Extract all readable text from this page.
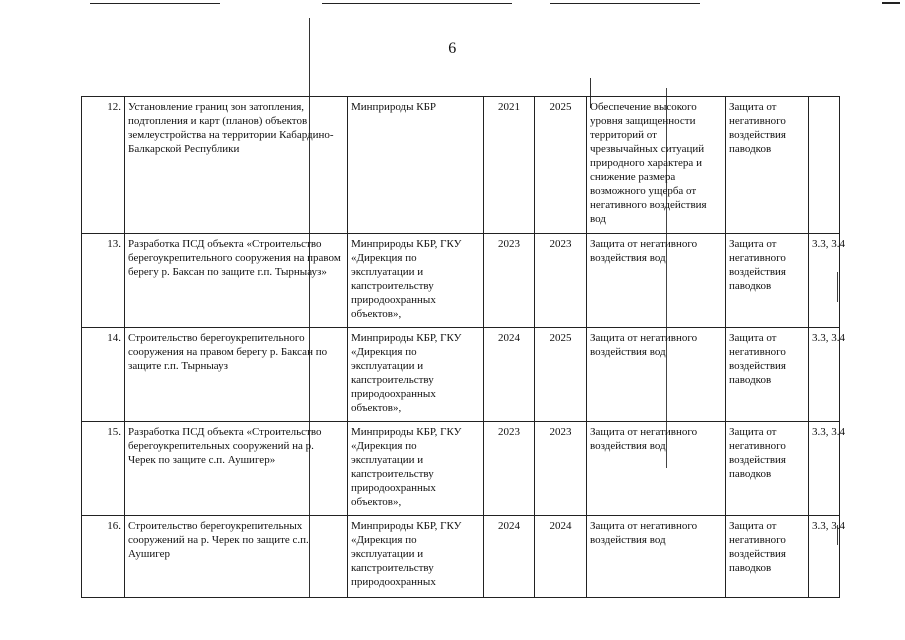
6
12.	Установление границ зон затопления, подтопления и карт (планов) объектов землеустройства на территории Кабардино-Балкарской Республики	Минприроды КБР	2021	2025	Обеспечение высокого уровня защищенности территорий от чрезвычайных ситуаций природного характера и снижение размера возможного ущерба от негативного воздействия вод	Защита от негативного воздействия паводков	
13.	Разработка ПСД объекта «Строительство берегоукрепительного сооружения на правом берегу р. Баксан по защите г.п. Тырныауз»	Минприроды КБР, ГКУ «Дирекция по эксплуатации и капстроительству природоохранных объектов»,	2023	2023	Защита от негативного воздействия вод	Защита от негативного воздействия паводков	3.3, 3.4
14.	Строительство берегоукрепительного сооружения на правом берегу р. Баксан по защите г.п. Тырныауз	Минприроды КБР, ГКУ «Дирекция по эксплуатации и капстроительству природоохранных объектов»,	2024	2025	Защита от негативного воздействия вод	Защита от негативного воздействия паводков	3.3, 3.4
15.	Разработка ПСД объекта «Строительство берегоукрепительных сооружений на р. Черек по защите с.п. Аушигер»	Минприроды КБР, ГКУ «Дирекция по эксплуатации и капстроительству природоохранных объектов»,	2023	2023	Защита от негативного воздействия вод	Защита от негативного воздействия паводков	3.3, 3.4
16.	Строительство берегоукрепительных сооружений на р. Черек по защите с.п. Аушигер	Минприроды КБР, ГКУ «Дирекция по эксплуатации и капстроительству природоохранных	2024	2024	Защита от негативного воздействия вод	Защита от негативного воздействия паводков	3.3, 3.4
